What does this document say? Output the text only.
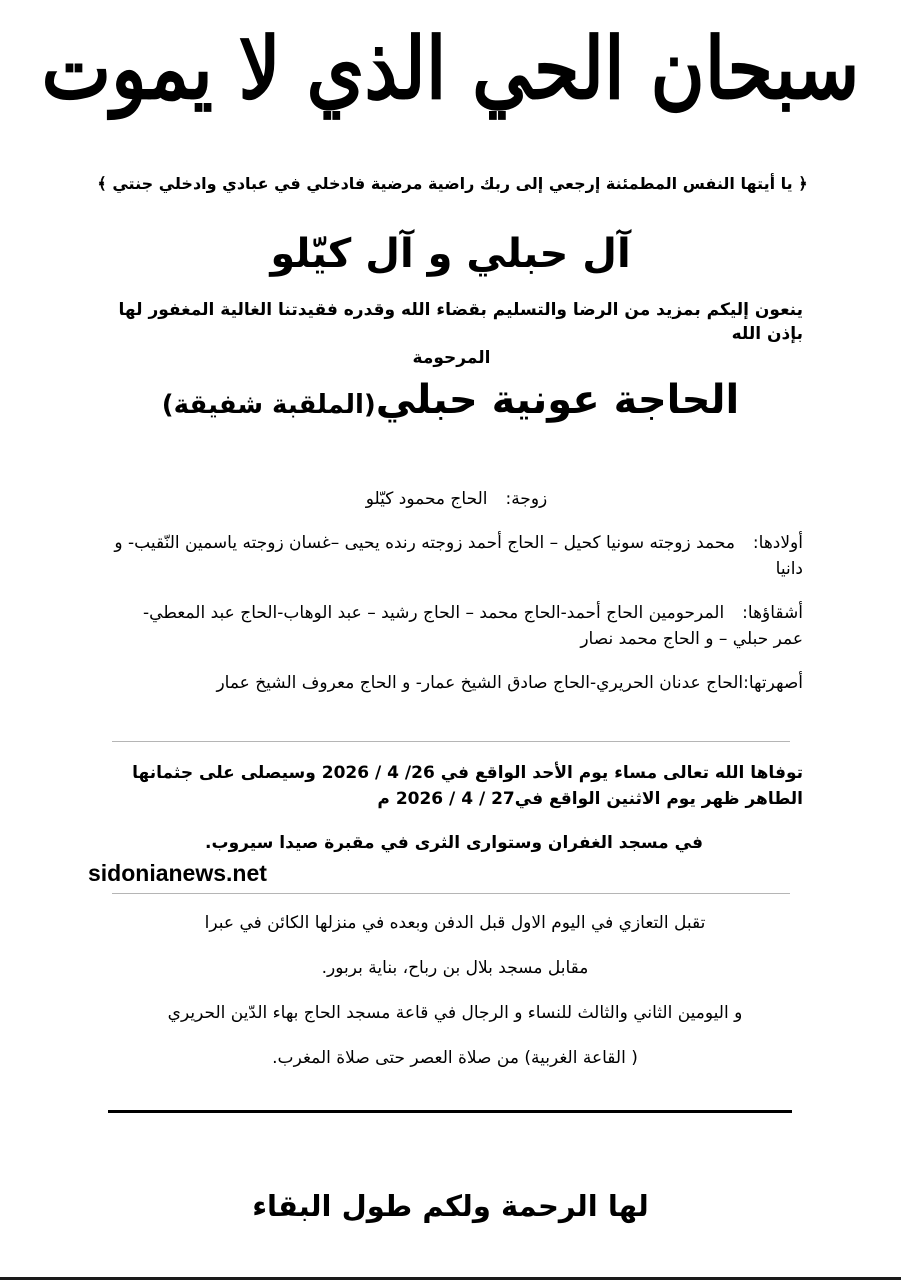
سبحان الحي الذي لا يموت
﴿ يا أيتها النفس المطمئنة إرجعي إلى ربك راضية مرضية فادخلي في عبادي وادخلي جنتي ﴾
آل حبلي و آل كيّلو
ينعون إليكم بمزيد من الرضا والتسليم بقضاء الله وقدره فقيدتنا الغالية المغفور لها بإذن الله
المرحومة
الحاجة عونية حبلي(الملقبة شفيقة)
زوجة:الحاج محمود كيّلو
أولادها:محمد زوجته سونيا كحيل – الحاج أحمد زوجته رنده يحيى –غسان زوجته ياسمين النّقيب- و دانيا
أشقاؤها:المرحومين الحاج أحمد-الحاج محمد – الحاج رشيد – عبد الوهاب-الحاج عبد المعطي- عمر حبلي – و الحاج محمد نصار
أصهرتها:الحاج عدنان الحريري-الحاج صادق الشيخ عمار- و الحاج معروف الشيخ عمار

توفاها الله تعالى مساء يوم الأحد الواقع في 26/ 4 / 2026 وسيصلى على جثمانها

الطاهر ظهر يوم الاثنين الواقع في27 / 4 / 2026 م

في مسجد الغفران وستوارى الثرى في مقبرة صيدا سيروب.

sidonianews.net

تقبل التعازي في اليوم الاول قبل الدفن وبعده في منزلها الكائن في عبرا

مقابل مسجد بلال بن رباح، بناية بربور.

و اليومين الثاني والثالث للنساء و الرجال في قاعة مسجد الحاج بهاء الدّين الحريري

( القاعة الغربية) من صلاة العصر حتى صلاة المغرب.

لها الرحمة ولكم طول البقاء
